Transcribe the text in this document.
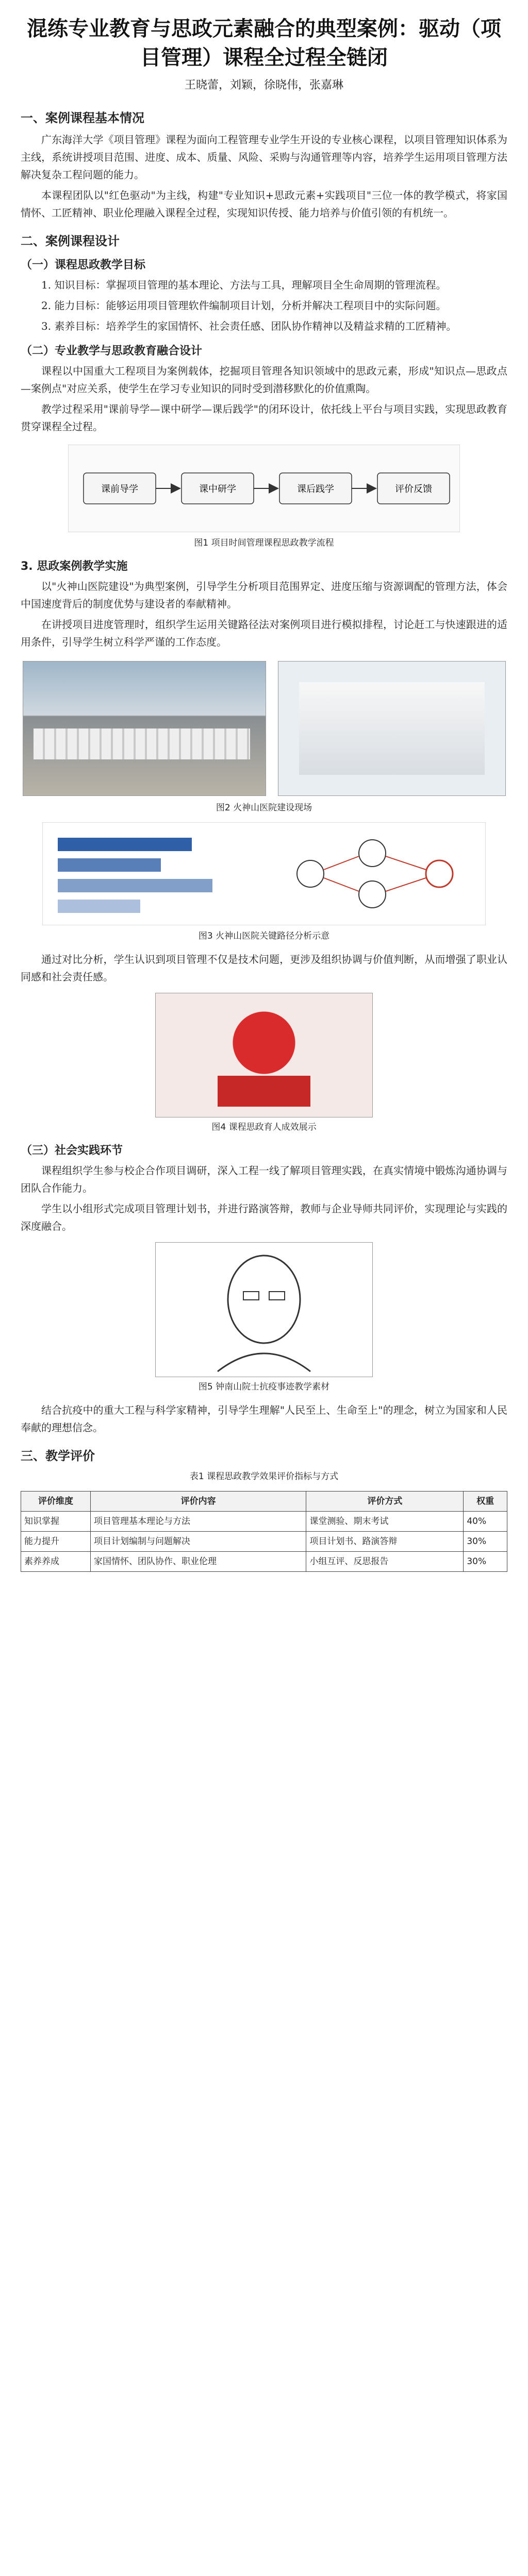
混练专业教育与思政元素融合的典型案例：驱动（项目管理）课程全过程全链闭
王晓蕾，刘颖，徐晓伟，张嘉琳
一、案例课程基本情况

广东海洋大学《项目管理》课程为面向工程管理专业学生开设的专业核心课程，以项目管理知识体系为主线，系统讲授项目范围、进度、成本、质量、风险、采购与沟通管理等内容，培养学生运用项目管理方法解决复杂工程问题的能力。

本课程团队以"红色驱动"为主线，构建"专业知识+思政元素+实践项目"三位一体的教学模式，将家国情怀、工匠精神、职业伦理融入课程全过程，实现知识传授、能力培养与价值引领的有机统一。

二、案例课程设计
（一）课程思政教学目标

1. 知识目标：掌握项目管理的基本理论、方法与工具，理解项目全生命周期的管理流程。

2. 能力目标：能够运用项目管理软件编制项目计划，分析并解决工程项目中的实际问题。

3. 素养目标：培养学生的家国情怀、社会责任感、团队协作精神以及精益求精的工匠精神。

（二）专业教学与思政教育融合设计

课程以中国重大工程项目为案例载体，挖掘项目管理各知识领域中的思政元素，形成"知识点—思政点—案例点"对应关系，使学生在学习专业知识的同时受到潜移默化的价值熏陶。

教学过程采用"课前导学—课中研学—课后践学"的闭环设计，依托线上平台与项目实践，实现思政教育贯穿课程全过程。

课前导学	课中研学	课后践学	评价反馈
图1 项目时间管理课程思政教学流程
3. 思政案例教学实施

以"火神山医院建设"为典型案例，引导学生分析项目范围界定、进度压缩与资源调配的管理方法，体会中国速度背后的制度优势与建设者的奉献精神。

在讲授项目进度管理时，组织学生运用关键路径法对案例项目进行模拟排程，讨论赶工与快速跟进的适用条件，引导学生树立科学严谨的工作态度。

图2 火神山医院建设现场
图3 火神山医院关键路径分析示意

通过对比分析，学生认识到项目管理不仅是技术问题，更涉及组织协调与价值判断，从而增强了职业认同感和社会责任感。

图4 课程思政育人成效展示
（三）社会实践环节

课程组织学生参与校企合作项目调研，深入工程一线了解项目管理实践，在真实情境中锻炼沟通协调与团队合作能力。

学生以小组形式完成项目管理计划书，并进行路演答辩，教师与企业导师共同评价，实现理论与实践的深度融合。

图5 钟南山院士抗疫事迹教学素材

结合抗疫中的重大工程与科学家精神，引导学生理解"人民至上、生命至上"的理念，树立为国家和人民奉献的理想信念。

三、教学评价
表1 课程思政教学效果评价指标与方式
评价维度	评价内容	评价方式	权重
知识掌握	项目管理基本理论与方法	课堂测验、期末考试	40%
能力提升	项目计划编制与问题解决	项目计划书、路演答辩	30%
素养养成	家国情怀、团队协作、职业伦理	小组互评、反思报告	30%
